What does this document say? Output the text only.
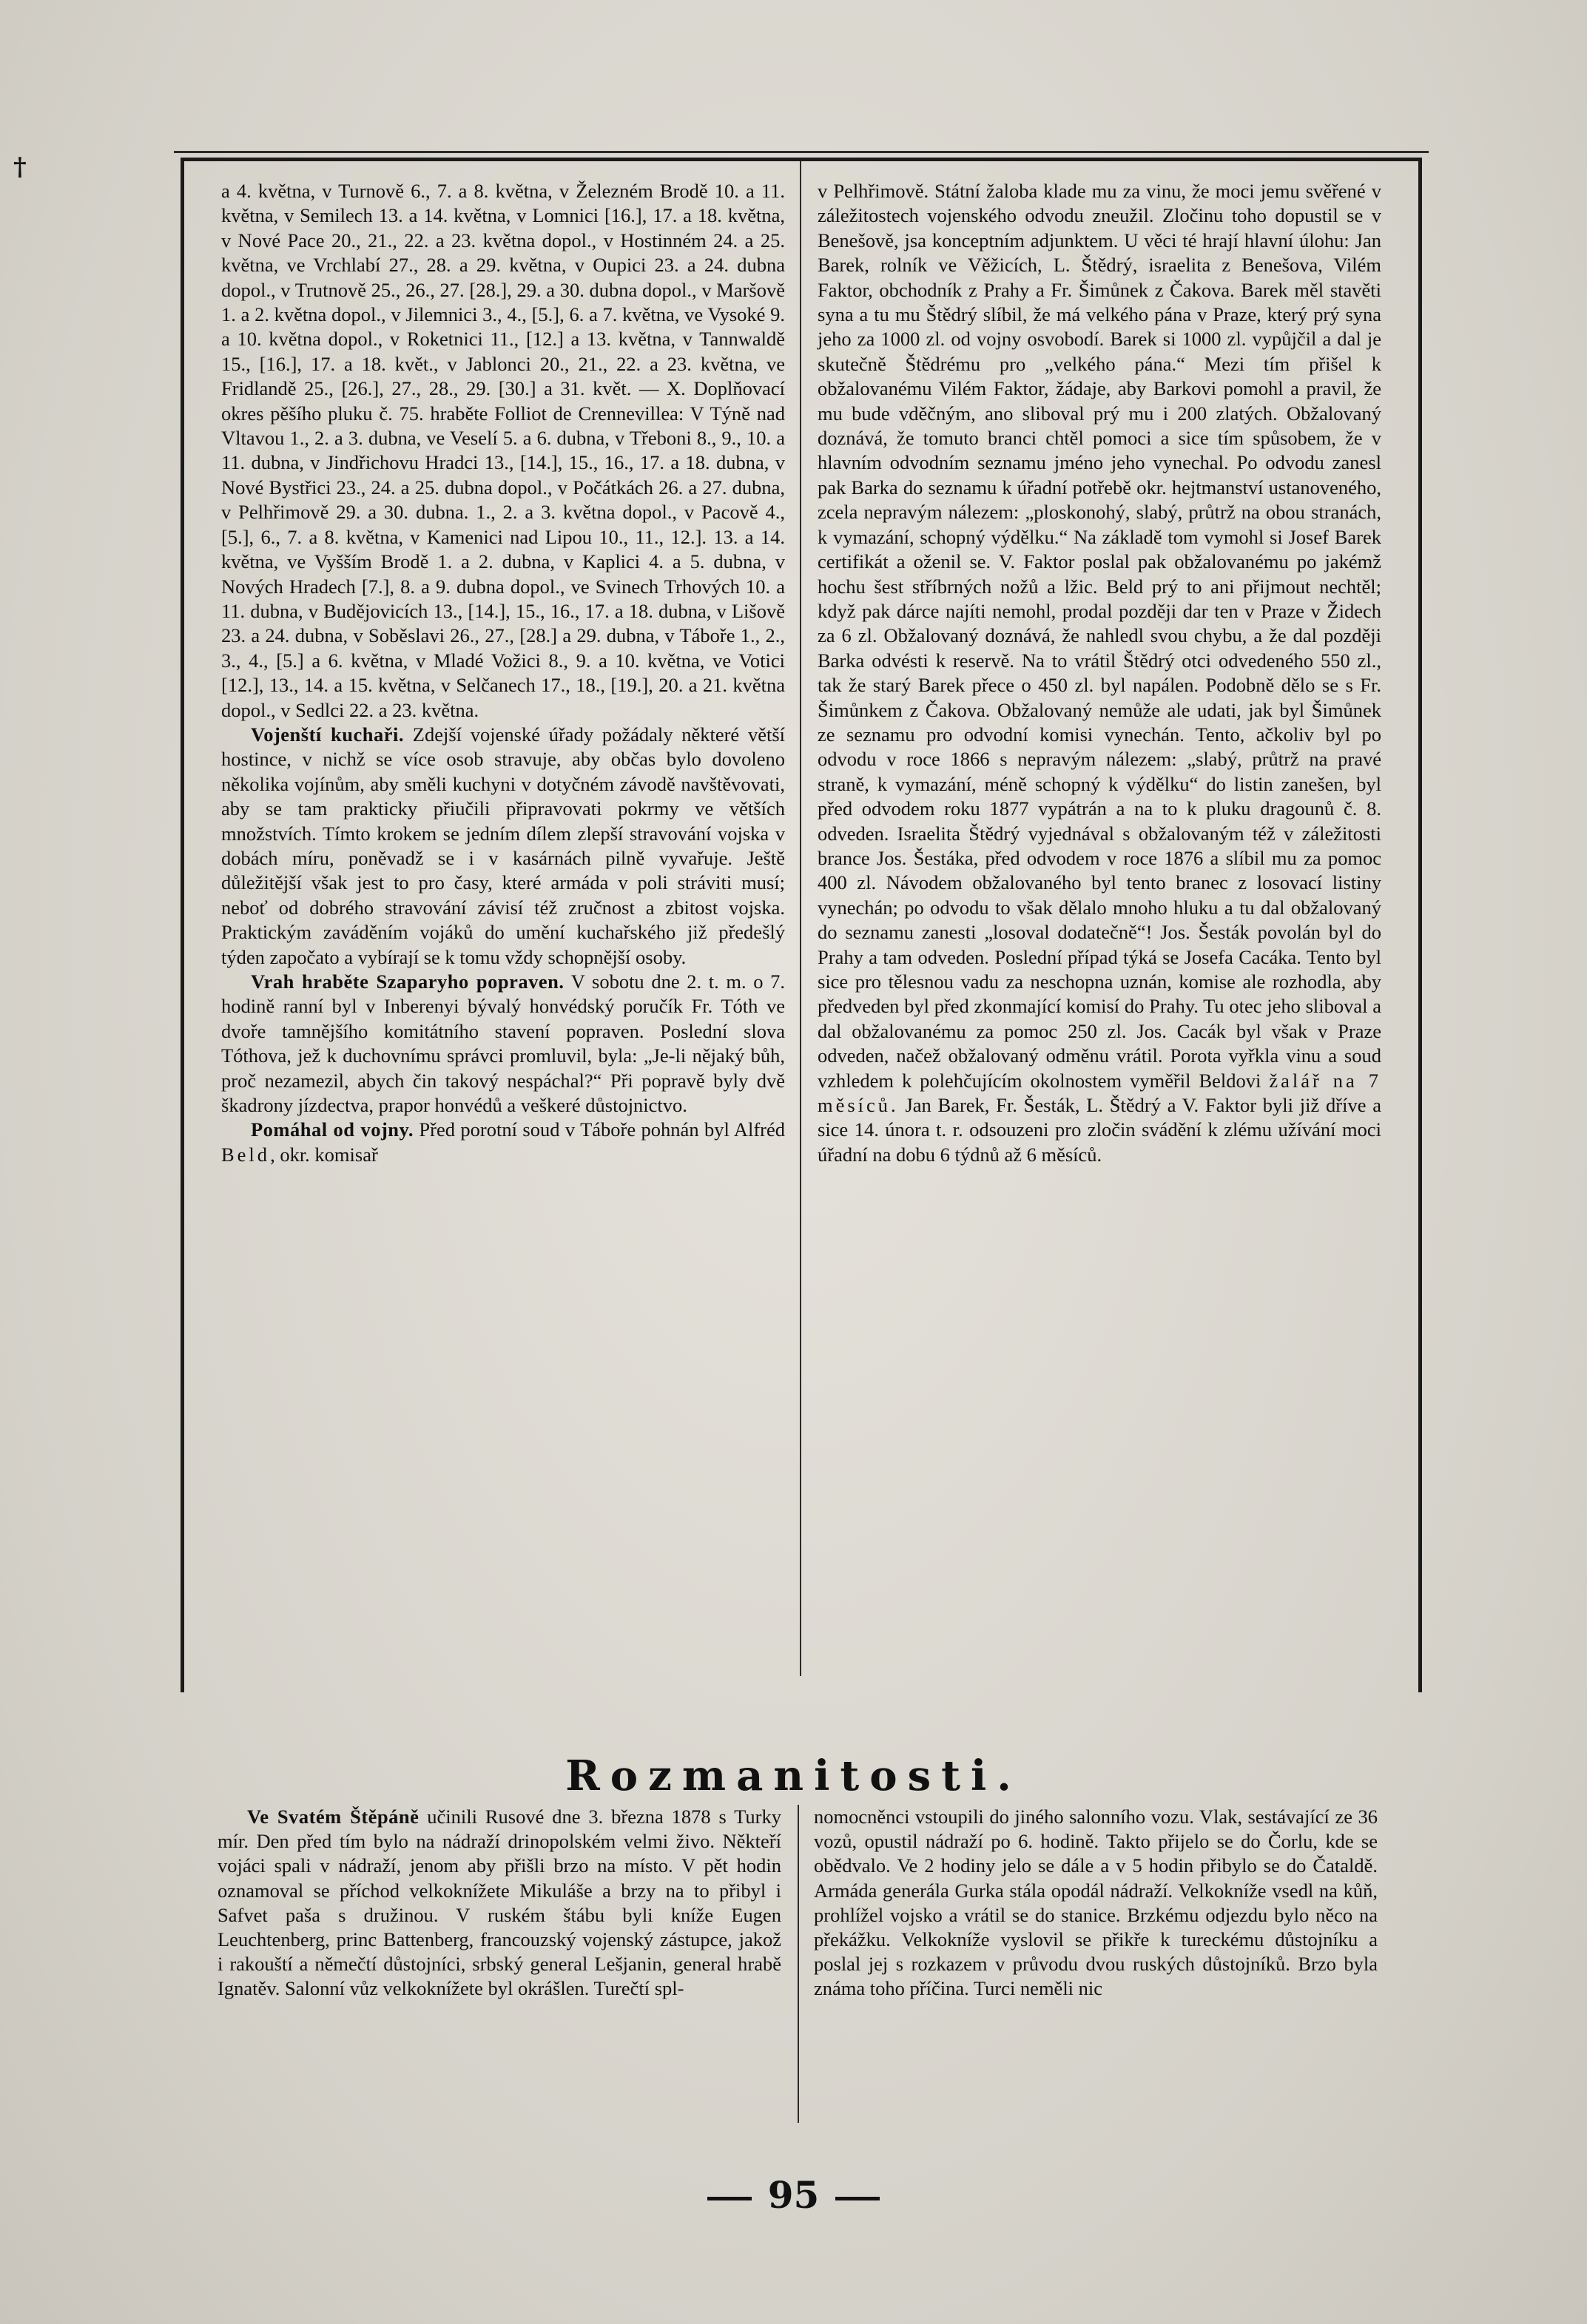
†

a 4. května, v Turnově 6., 7. a 8. května, v Železném Brodě 10. a 11. května, v Semilech 13. a 14. května, v Lomnici [16.], 17. a 18. května, v Nové Pace 20., 21., 22. a 23. května dopol., v Hostinném 24. a 25. května, ve Vrchlabí 27., 28. a 29. května, v Oupici 23. a 24. dubna dopol., v Trutnově 25., 26., 27. [28.], 29. a 30. dubna dopol., v Maršově 1. a 2. května dopol., v Jilemnici 3., 4., [5.], 6. a 7. května, ve Vysoké 9. a 10. května dopol., v Roketnici 11., [12.] a 13. května, v Tannwaldě 15., [16.], 17. a 18. květ., v Jablonci 20., 21., 22. a 23. května, ve Fridlandě 25., [26.], 27., 28., 29. [30.] a 31. květ. — X. Doplňovací okres pěšího pluku č. 75. hraběte Folliot de Crennevillea: V Týně nad Vltavou 1., 2. a 3. dubna, ve Veselí 5. a 6. dubna, v Třeboni 8., 9., 10. a 11. dubna, v Jindřichovu Hradci 13., [14.], 15., 16., 17. a 18. dubna, v Nové Bystřici 23., 24. a 25. dubna dopol., v Počátkách 26. a 27. dubna, v Pelhřimově 29. a 30. dubna. 1., 2. a 3. května dopol., v Pacově 4., [5.], 6., 7. a 8. května, v Kamenici nad Lipou 10., 11., 12.]. 13. a 14. května, ve Vyšším Brodě 1. a 2. dubna, v Kaplici 4. a 5. dubna, v Nových Hradech [7.], 8. a 9. dubna dopol., ve Svinech Trhových 10. a 11. dubna, v Budějovicích 13., [14.], 15., 16., 17. a 18. dubna, v Lišově 23. a 24. dubna, v Soběslavi 26., 27., [28.] a 29. dubna, v Táboře 1., 2., 3., 4., [5.] a 6. května, v Mladé Vožici 8., 9. a 10. května, ve Votici [12.], 13., 14. a 15. května, v Selčanech 17., 18., [19.], 20. a 21. května dopol., v Sedlci 22. a 23. května.

Vojenští kuchaři. Zdejší vojenské úřady požádaly některé větší hostince, v nichž se více osob stravuje, aby občas bylo dovoleno několika vojínům, aby směli kuchyni v dotyčném závodě navštěvovati, aby se tam prakticky přiučili připravovati pokrmy ve větších množstvích. Tímto krokem se jedním dílem zlepší stravování vojska v dobách míru, poněvadž se i v kasárnách pilně vyvařuje. Ještě důležitější však jest to pro časy, které armáda v poli stráviti musí; neboť od dobrého stravování závisí též zručnost a zbitost vojska. Praktickým zaváděním vojáků do umění kuchařského již předešlý týden započato a vybírají se k tomu vždy schopnější osoby.

Vrah hraběte Szaparyho popraven. V sobotu dne 2. t. m. o 7. hodině ranní byl v Inberenyi bývalý honvédský poručík Fr. Tóth ve dvoře tamnějšího komitátního stavení popraven. Poslední slova Tóthova, jež k duchovnímu správci promluvil, byla: „Je-li nějaký bůh, proč nezamezil, abych čin takový nespáchal?“ Při popravě byly dvě škadrony jízdectva, prapor honvédů a veškeré důstojnictvo.

Pomáhal od vojny. Před porotní soud v Táboře pohnán byl Alfréd Beld, okr. komisař

v Pelhřimově. Státní žaloba klade mu za vinu, že moci jemu svěřené v záležitostech vojenského odvodu zneužil. Zločinu toho dopustil se v Benešově, jsa konceptním adjunktem. U věci té hrají hlavní úlohu: Jan Barek, rolník ve Věžicích, L. Štědrý, israelita z Benešova, Vilém Faktor, obchodník z Prahy a Fr. Šimůnek z Čakova. Barek měl stavěti syna a tu mu Štědrý slíbil, že má velkého pána v Praze, který prý syna jeho za 1000 zl. od vojny osvobodí. Barek si 1000 zl. vypůjčil a dal je skutečně Štědrému pro „velkého pána.“ Mezi tím přišel k obžalovanému Vilém Faktor, žádaje, aby Barkovi pomohl a pravil, že mu bude vděčným, ano sliboval prý mu i 200 zlatých. Obžalovaný doznává, že tomuto branci chtěl pomoci a sice tím spůsobem, že v hlavním odvodním seznamu jméno jeho vynechal. Po odvodu zanesl pak Barka do seznamu k úřadní potřebě okr. hejtmanství ustanoveného, zcela nepravým nálezem: „ploskonohý, slabý, průtrž na obou stranách, k vymazání, schopný výdělku.“ Na základě tom vymohl si Josef Barek certifikát a oženil se. V. Faktor poslal pak obžalovanému po jakémž hochu šest stříbrných nožů a lžic. Beld prý to ani přijmout nechtěl; když pak dárce najíti nemohl, prodal později dar ten v Praze v Židech za 6 zl. Obžalovaný doznává, že nahledl svou chybu, a že dal později Barka odvésti k reservě. Na to vrátil Štědrý otci odvedeného 550 zl., tak že starý Barek přece o 450 zl. byl napálen. Podobně dělo se s Fr. Šimůnkem z Čakova. Obžalovaný nemůže ale udati, jak byl Šimůnek ze seznamu pro odvodní komisi vynechán. Tento, ačkoliv byl po odvodu v roce 1866 s nepravým nálezem: „slabý, průtrž na pravé straně, k vymazání, méně schopný k výdělku“ do listin zanešen, byl před odvodem roku 1877 vypátrán a na to k pluku dragounů č. 8. odveden. Israelita Štědrý vyjednával s obžalovaným též v záležitosti brance Jos. Šestáka, před odvodem v roce 1876 a slíbil mu za pomoc 400 zl. Návodem obžalovaného byl tento branec z losovací listiny vynechán; po odvodu to však dělalo mnoho hluku a tu dal obžalovaný do seznamu zanesti „losoval dodatečně“! Jos. Šesták povolán byl do Prahy a tam odveden. Poslední případ týká se Josefa Cacáka. Tento byl sice pro tělesnou vadu za neschopna uznán, komise ale rozhodla, aby předveden byl před zkonmající komisí do Prahy. Tu otec jeho sliboval a dal obžalovanému za pomoc 250 zl. Jos. Cacák byl však v Praze odveden, načež obžalovaný odměnu vrátil. Porota vyřkla vinu a soud vzhledem k polehčujícím okolnostem vyměřil Beldovi žalář na 7 měsíců. Jan Barek, Fr. Šesták, L. Štědrý a V. Faktor byli již dříve a sice 14. února t. r. odsouzeni pro zločin svádění k zlému užívání moci úřadní na dobu 6 týdnů až 6 měsíců.

Rozmanitosti.

Ve Svatém Štěpáně učinili Rusové dne 3. března 1878 s Turky mír. Den před tím bylo na nádraží drinopolském velmi živo. Někteří vojáci spali v nádraží, jenom aby přišli brzo na místo. V pět hodin oznamoval se příchod velkoknížete Mikuláše a brzy na to přibyl i Safvet paša s družinou. V ruském štábu byli kníže Eugen Leuchtenberg, princ Battenberg, francouzský vojenský zástupce, jakož i rakouští a němečtí důstojníci, srbský general Lešjanin, general hrabě Ignatěv. Salonní vůz velkoknížete byl okrášlen. Turečtí spl-

nomocněnci vstoupili do jiného salonního vozu. Vlak, sestávající ze 36 vozů, opustil nádraží po 6. hodině. Takto přijelo se do Čorlu, kde se obědvalo. Ve 2 hodiny jelo se dále a v 5 hodin přibylo se do Čataldě. Armáda generála Gurka stála opodál nádraží. Velkokníže vsedl na kůň, prohlížel vojsko a vrátil se do stanice. Brzkému odjezdu bylo něco na překážku. Velkokníže vyslovil se přikře k tureckému důstojníku a poslal jej s rozkazem v průvodu dvou ruských důstojníků. Brzo byla známa toho příčina. Turci neměli nic

95
